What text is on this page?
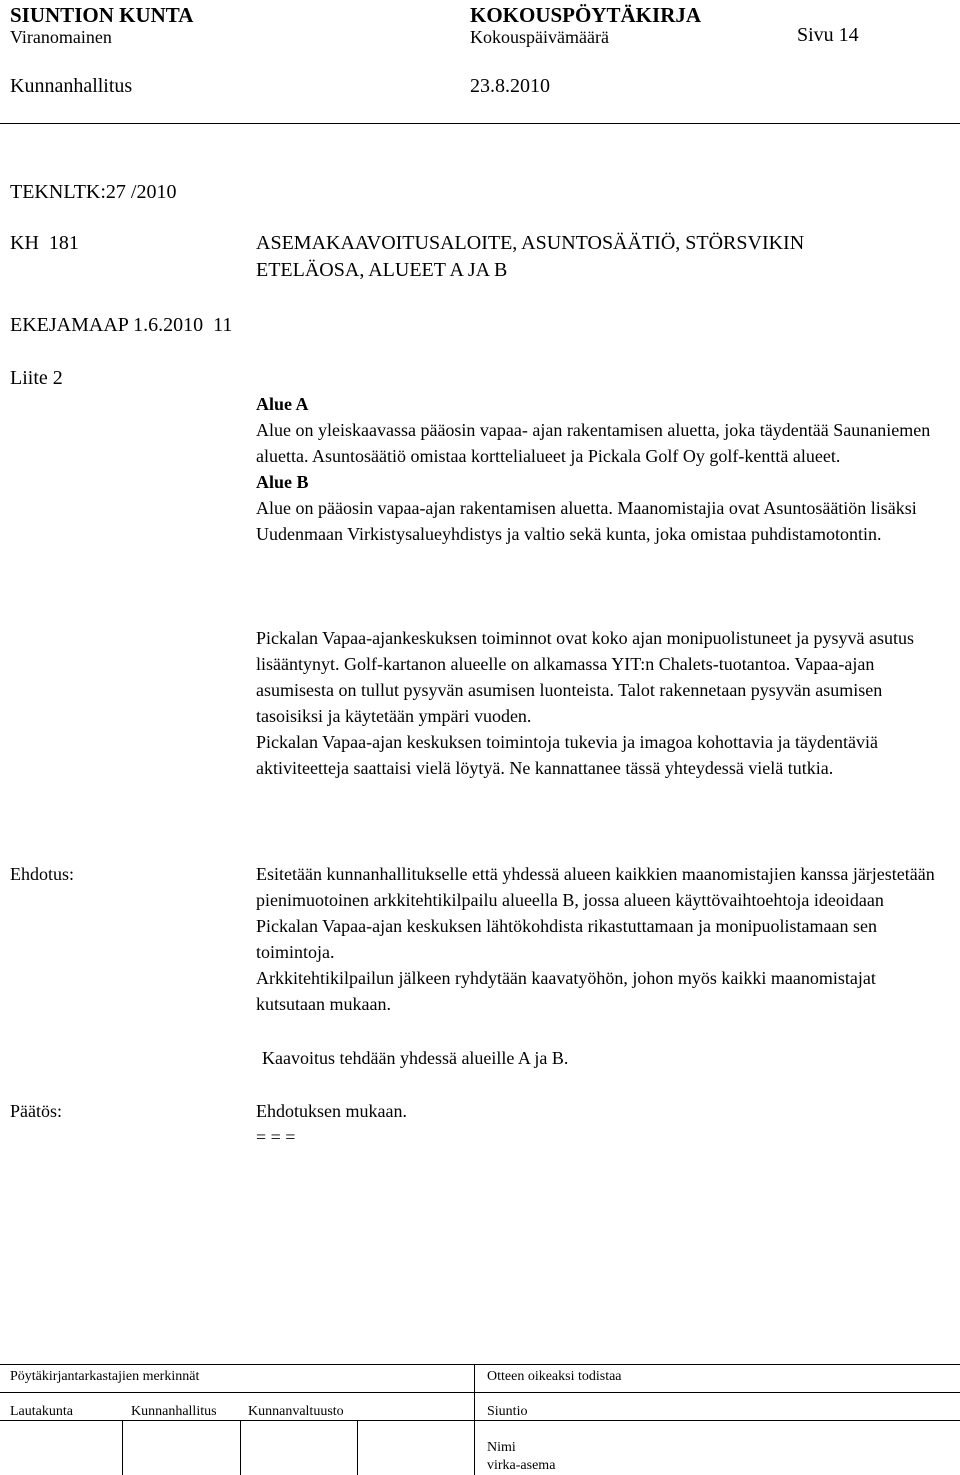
SIUNTION KUNTA	KOKOUSPÖYTÄKIRJA
Viranomainen	Kokouspäivämäärä	Sivu 14
Kunnanhallitus	23.8.2010
TEKNLTK:27 /2010
KH  181	ASEMAKAAVOITUSALOITE, ASUNTOSÄÄTIÖ, STÖRSVIKIN
ETELÄOSA, ALUEET A JA B
EKEJAMAAP 1.6.2010  11
Liite 2

Alue A

Alue on yleiskaavassa pääosin vapaa- ajan rakentamisen aluetta, joka täydentää Saunaniemen aluetta. Asuntosäätiö omistaa korttelialueet ja Pickala Golf Oy golf-kenttä alueet.

Alue B

Alue on pääosin vapaa-ajan rakentamisen aluetta. Maanomistajia ovat Asuntosäätiön lisäksi Uudenmaan Virkistysalueyhdistys ja valtio sekä kunta, joka omistaa puhdistamotontin.

Pickalan Vapaa-ajankeskuksen toiminnot ovat koko ajan monipuolistuneet ja pysyvä asutus lisääntynyt. Golf-kartanon alueelle on alkamassa YIT:n Chalets-tuotantoa. Vapaa-ajan asumisesta on tullut pysyvän asumisen luonteista. Talot rakennetaan pysyvän asumisen tasoisiksi ja käytetään ympäri vuoden.

Pickalan Vapaa-ajan keskuksen toimintoja tukevia ja imagoa kohottavia ja täydentäviä aktiviteetteja saattaisi vielä löytyä. Ne kannattanee tässä yhteydessä vielä tutkia.

Ehdotus:	Esitetään kunnanhallitukselle että yhdessä alueen kaikkien maanomistajien kanssa järjestetään pienimuotoinen arkkitehtikilpailu alueella B, jossa alueen käyttövaihtoehtoja ideoidaan Pickalan Vapaa-ajan keskuksen lähtökohdista rikastuttamaan ja monipuolistamaan sen toimintoja.

Arkkitehtikilpailun jälkeen ryhdytään kaavatyöhön, johon myös kaikki maanomistajat kutsutaan mukaan.

Kaavoitus tehdään yhdessä alueille A ja B.
Päätös:	Ehdotuksen mukaan.
= = =
Pöytäkirjantarkastajien merkinnät	Otteen oikeaksi todistaa
Lautakunta	Kunnanhallitus Kunnanvaltuusto	Siuntio
Nimi
virka-asema
